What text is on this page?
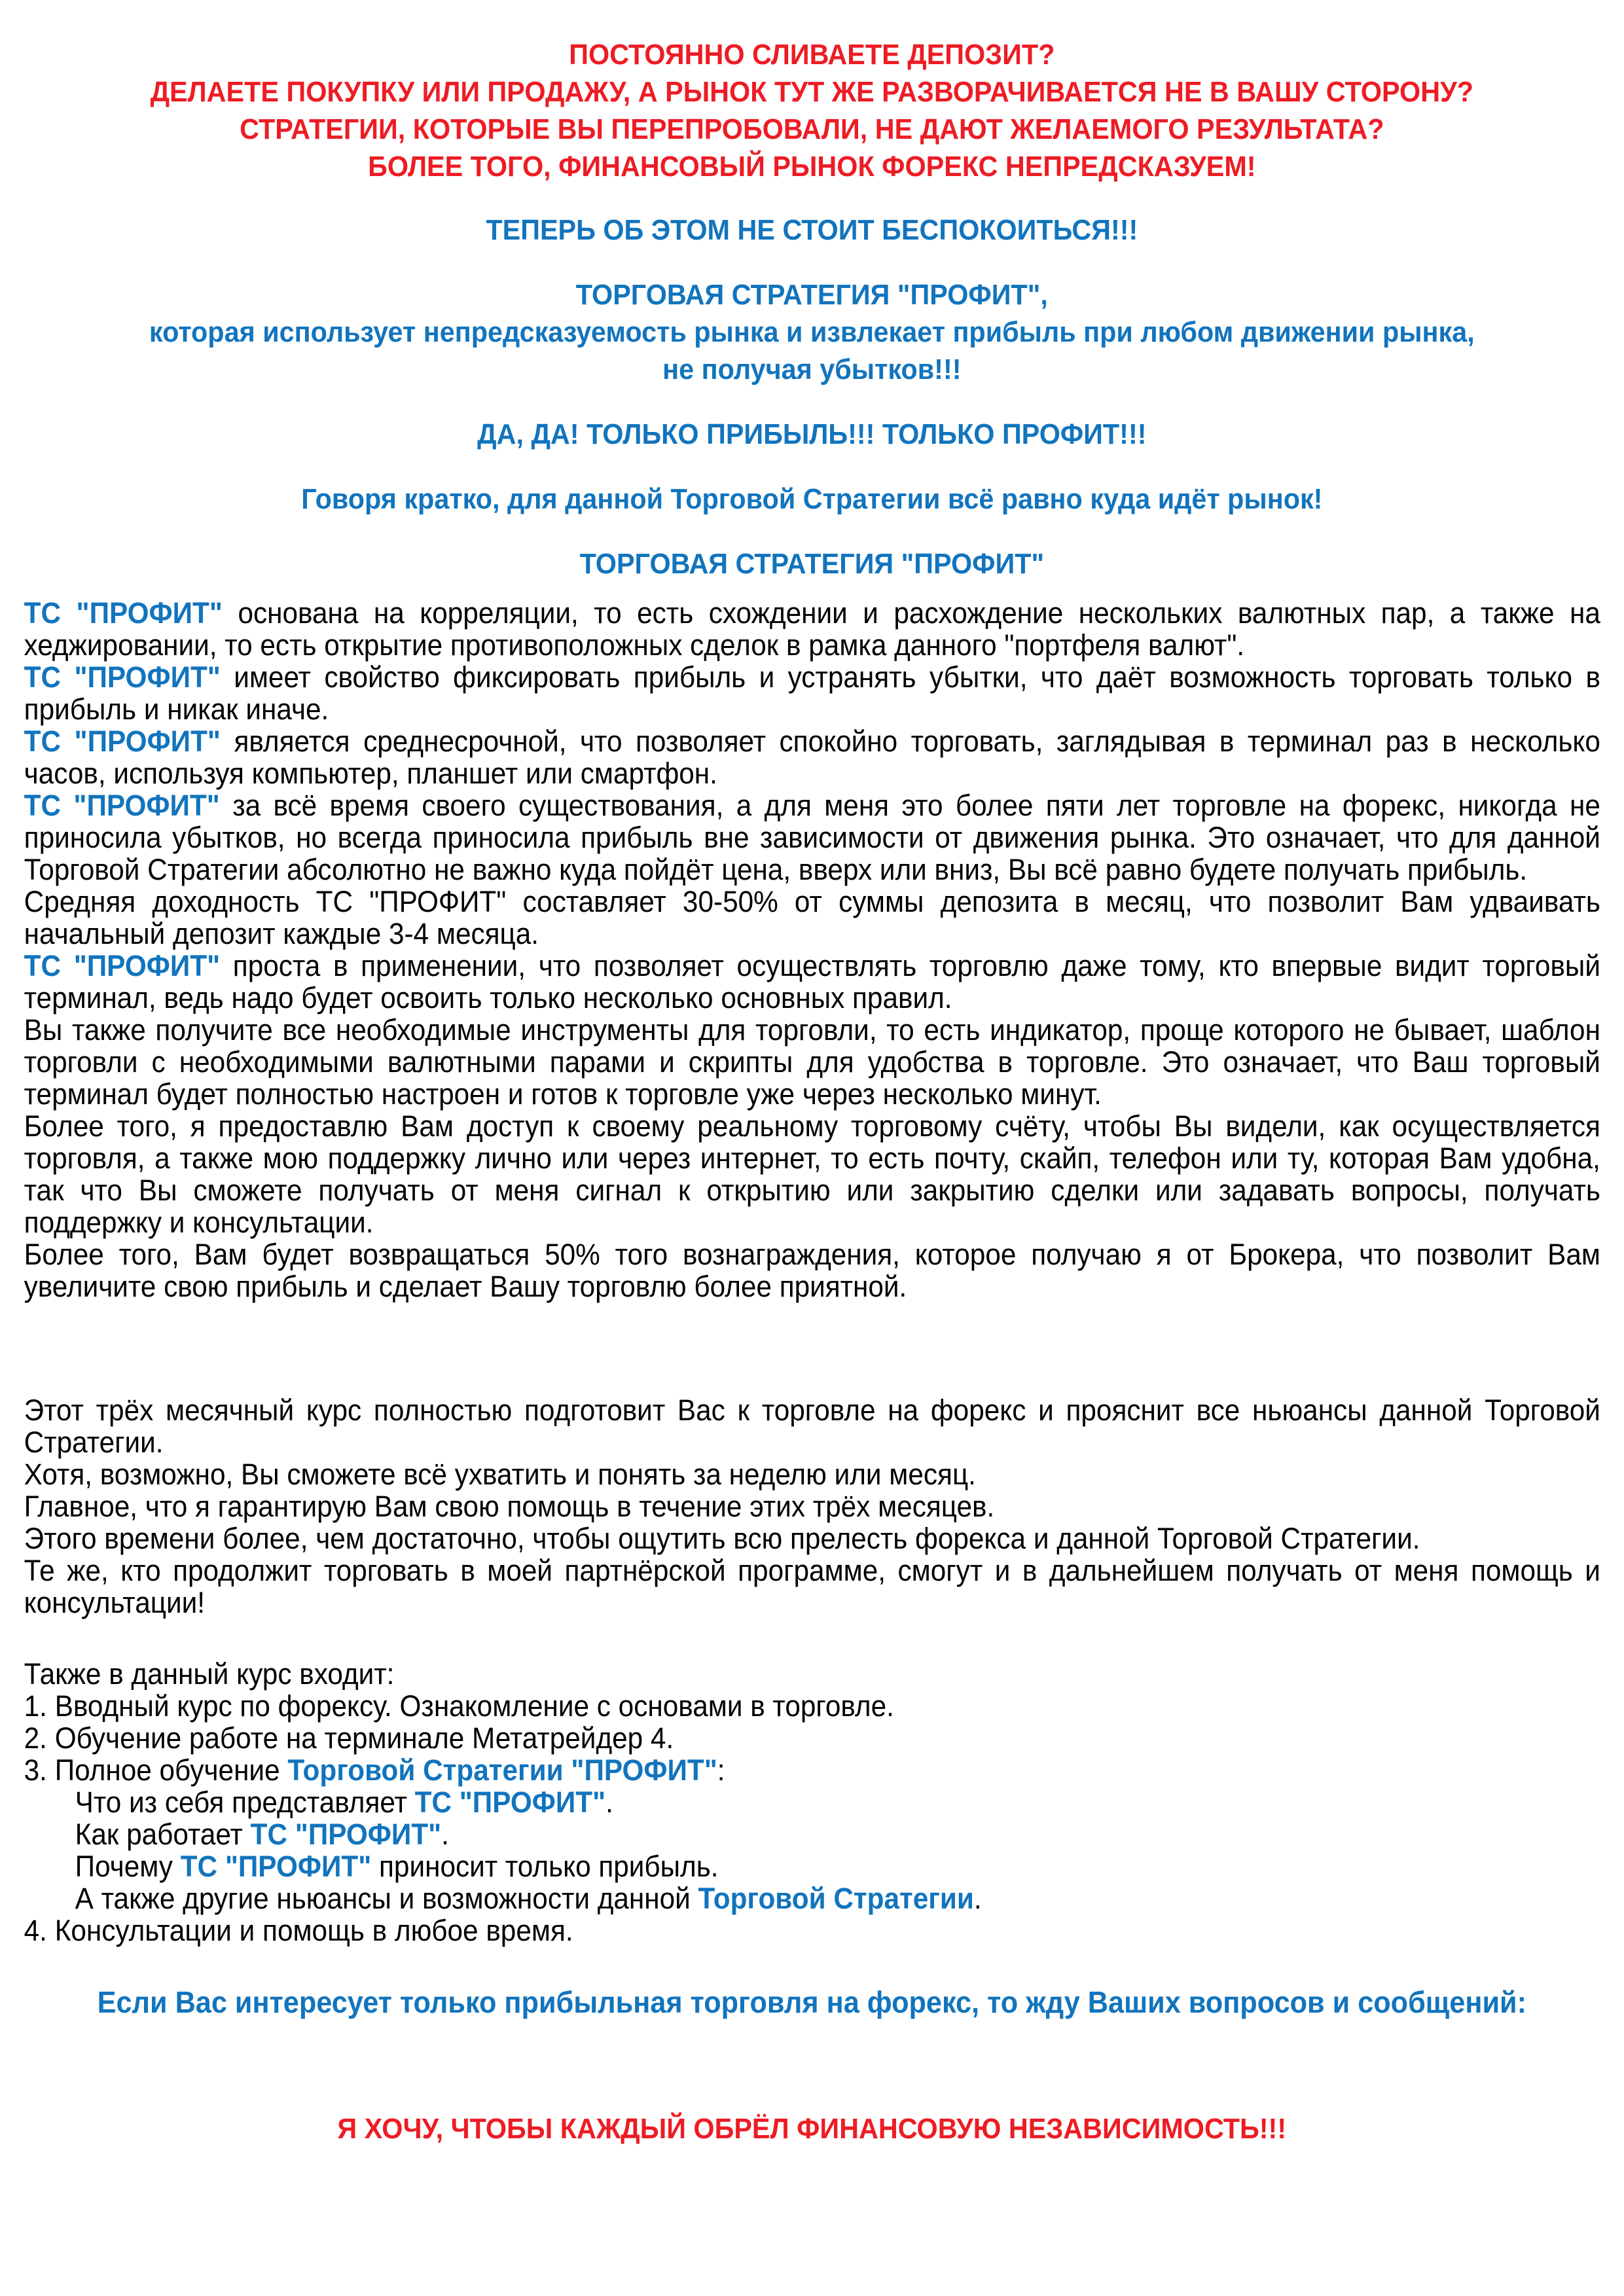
ПОСТОЯННО СЛИВАЕТЕ ДЕПОЗИТ?
ДЕЛАЕТЕ ПОКУПКУ ИЛИ ПРОДАЖУ, А РЫНОК ТУТ ЖЕ РАЗВОРАЧИВАЕТСЯ НЕ В ВАШУ СТОРОНУ?
СТРАТЕГИИ, КОТОРЫЕ ВЫ ПЕРЕПРОБОВАЛИ, НЕ ДАЮТ ЖЕЛАЕМОГО РЕЗУЛЬТАТА?
БОЛЕЕ ТОГО, ФИНАНСОВЫЙ РЫНОК ФОРЕКС НЕПРЕДСКАЗУЕМ!
ТЕПЕРЬ ОБ ЭТОМ НЕ СТОИТ БЕСПОКОИТЬСЯ!!!
ТОРГОВАЯ СТРАТЕГИЯ "ПРОФИТ",
которая использует непредсказуемость рынка и извлекает прибыль при любом движении рынка,
не получая убытков!!!
ДА, ДА! ТОЛЬКО ПРИБЫЛЬ!!! ТОЛЬКО ПРОФИТ!!!
Говоря кратко, для данной Торговой Стратегии всё равно куда идёт рынок!
ТОРГОВАЯ СТРАТЕГИЯ "ПРОФИТ"

ТС "ПРОФИТ" основана на корреляции, то есть схождении и расхождение нескольких валютных пар, а также на хеджировании, то есть открытие противоположных сделок в рамка данного "портфеля валют".

ТС "ПРОФИТ" имеет свойство фиксировать прибыль и устранять убытки, что даёт возможность торговать только в прибыль и никак иначе.

ТС "ПРОФИТ" является среднесрочной, что позволяет спокойно торговать, заглядывая в терминал раз в несколько часов, используя компьютер, планшет или смартфон.

ТС "ПРОФИТ" за всё время своего существования, а для меня это более пяти лет торговле на форекс, никогда не приносила убытков, но всегда приносила прибыль вне зависимости от движения рынка. Это означает, что для данной Торговой Стратегии абсолютно не важно куда пойдёт цена, вверх или вниз, Вы всё равно будете получать прибыль.

Средняя доходность ТС "ПРОФИТ" составляет 30-50% от суммы депозита в месяц, что позволит Вам удваивать начальный депозит каждые 3-4 месяца.

ТС "ПРОФИТ" проста в применении, что позволяет осуществлять торговлю даже тому, кто впервые видит торговый терминал, ведь надо будет освоить только несколько основных правил.

Вы также получите все необходимые инструменты для торговли, то есть индикатор, проще которого не бывает, шаблон торговли с необходимыми валютными парами и скрипты для удобства в торговле. Это означает, что Ваш торговый терминал будет полностью настроен и готов к торговле уже через несколько минут.

Более того, я предоставлю Вам доступ к своему реальному торговому счёту, чтобы Вы видели, как осуществляется торговля, а также мою поддержку лично или через интернет, то есть почту, скайп, телефон или ту, которая Вам удобна, так что Вы сможете получать от меня сигнал к открытию или закрытию сделки или задавать вопросы, получать поддержку и консультации.

Более того, Вам будет возвращаться 50% того вознаграждения, которое получаю я от Брокера, что позволит Вам увеличите свою прибыль и сделает Вашу торговлю более приятной.

Этот трёх месячный курс полностью подготовит Вас к торговле на форекс и прояснит все ньюансы данной Торговой Стратегии.

Хотя, возможно, Вы сможете всё ухватить и понять за неделю или месяц.

Главное, что я гарантирую Вам свою помощь в течение этих трёх месяцев.

Этого времени более, чем достаточно, чтобы ощутить всю прелесть форекса и данной Торговой Стратегии.

Те же, кто продолжит торговать в моей партнёрской программе, смогут и в дальнейшем получать от меня помощь и консультации!

Также в данный курс входит:

1. Вводный курс по форексу. Ознакомление с основами в торговле.

2. Обучение работе на терминале Метатрейдер 4.

3. Полное обучение Торговой Стратегии "ПРОФИТ":

Что из себя представляет ТС "ПРОФИТ".

Как работает ТС "ПРОФИТ".

Почему ТС "ПРОФИТ" приносит только прибыль.

А также другие ньюансы и возможности данной Торговой Стратегии.

4. Консультации и помощь в любое время.

Если Вас интересует только прибыльная торговля на форекс, то жду Ваших вопросов и сообщений:
Я ХОЧУ, ЧТОБЫ КАЖДЫЙ ОБРЁЛ ФИНАНСОВУЮ НЕЗАВИСИМОСТЬ!!!
